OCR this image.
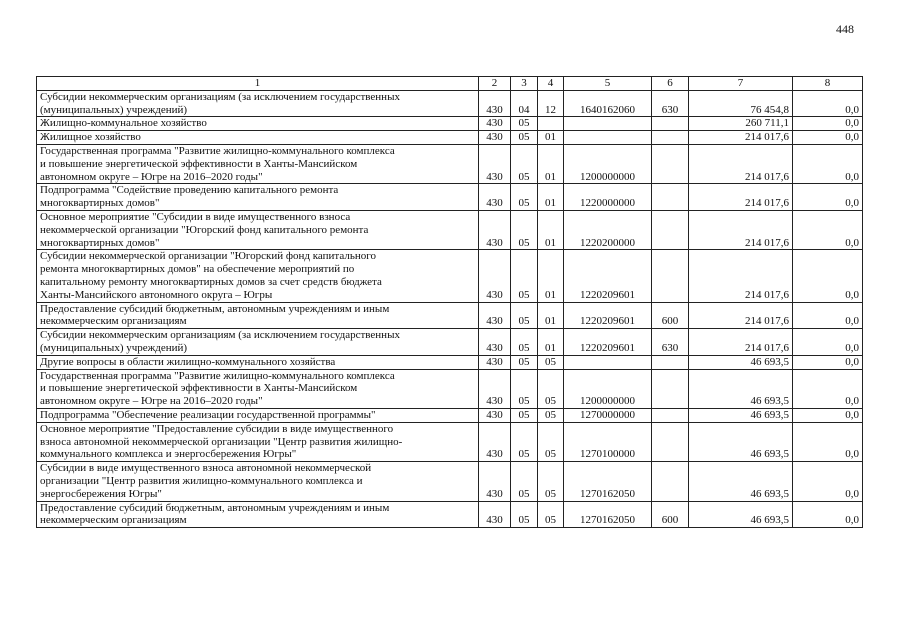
448
1	2	3	4	5	6	7	8

Субсидии некоммерческим организациям (за исключением государственных
(муниципальных) учреждений)	430	04	12	1640162060	630	76 454,8	0,0

Жилищно-коммунальное хозяйство	430	05				260 711,1	0,0

Жилищное хозяйство	430	05	01			214 017,6	0,0

Государственная программа "Развитие жилищно-коммунального комплекса
и повышение энергетической эффективности в Ханты-Мансийском
автономном округе – Югре на 2016–2020 годы"	430	05	01	1200000000		214 017,6	0,0

Подпрограмма "Содействие проведению капитального ремонта
многоквартирных домов"	430	05	01	1220000000		214 017,6	0,0

Основное мероприятие "Субсидии в виде имущественного взноса
некоммерческой организации "Югорский фонд капитального ремонта
многоквартирных домов"	430	05	01	1220200000		214 017,6	0,0

Субсидии некоммерческой организации "Югорский фонд капитального
ремонта многоквартирных домов" на обеспечение мероприятий по
капитальному ремонту многоквартирных домов за счет средств бюджета
Ханты-Мансийского автономного округа – Югры	430	05	01	1220209601		214 017,6	0,0

Предоставление субсидий бюджетным, автономным учреждениям и иным
некоммерческим организациям	430	05	01	1220209601	600	214 017,6	0,0

Субсидии некоммерческим организациям (за исключением государственных
(муниципальных) учреждений)	430	05	01	1220209601	630	214 017,6	0,0

Другие вопросы в области жилищно-коммунального хозяйства	430	05	05			46 693,5	0,0

Государственная программа "Развитие жилищно-коммунального комплекса
и повышение энергетической эффективности в Ханты-Мансийском
автономном округе – Югре на 2016–2020 годы"	430	05	05	1200000000		46 693,5	0,0

Подпрограмма "Обеспечение реализации государственной программы"	430	05	05	1270000000		46 693,5	0,0

Основное мероприятие "Предоставление субсидии в виде имущественного
взноса автономной некоммерческой организации "Центр развития жилищно-
коммунального комплекса и энергосбережения Югры"	430	05	05	1270100000		46 693,5	0,0

Субсидии в виде имущественного взноса автономной некоммерческой
организации "Центр развития жилищно-коммунального комплекса и
энергосбережения Югры"	430	05	05	1270162050		46 693,5	0,0

Предоставление субсидий бюджетным, автономным учреждениям и иным
некоммерческим организациям	430	05	05	1270162050	600	46 693,5	0,0
